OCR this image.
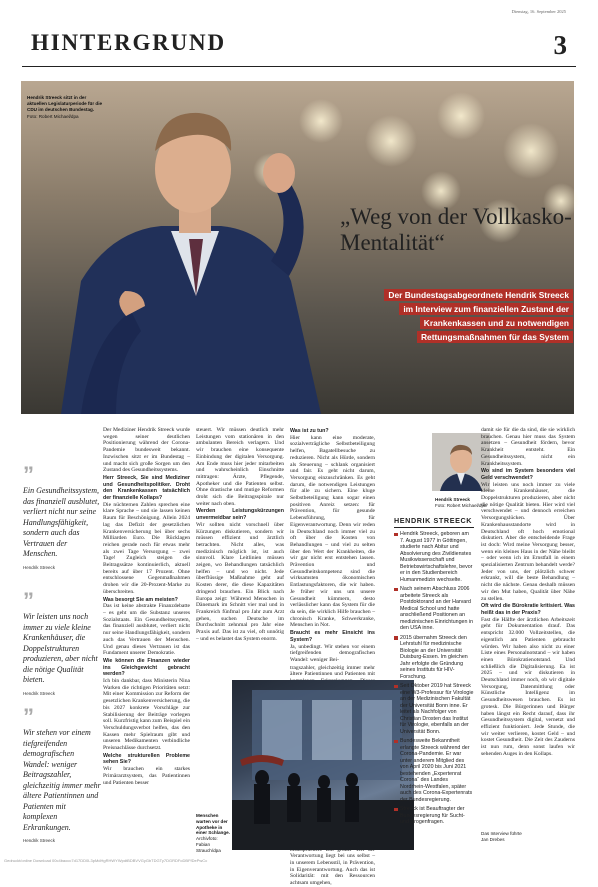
Dienstag, 16. September 2025
HINTERGRUND	3
Hendrik Streeck sitzt in der aktuellen Legislaturperiode für die CDU im deutschen Bundestag.
Foto: Robert Michael/dpa
„Weg von der Vollkasko-Mentalität“
Der Bundestagsabgeordnete Hendrik Streeck im Interview zum finanziellen Zustand der Krankenkassen und zu notwendigen Rettungsmaßnahmen für das System
”
Ein Gesundheitssystem, das finanziell ausblutet, verliert nicht nur seine Handlungsfähigkeit, sondern auch das Vertrauen der Menschen.
Hendrik Streeck
”
Wir leisten uns noch immer zu viele kleine Krankenhäuser, die Doppelstrukturen produzieren, aber nicht die nötige Qualität bieten.
Hendrik Streeck
”
Wir stehen vor einem tiefgreifenden demografischen Wandel: weniger Beitragszahler, gleichzeitig immer mehr ältere Patientinnen und Patienten mit komplexen Erkrankungen.
Hendrik Streeck

Der Mediziner Hendrik Streeck wurde wegen seiner deutlichen Positionierung während der Corona-Pandemie bundesweit bekannt. Inzwischen sitzt er im Bundestag – und macht sich große Sorgen um den Zustand des Gesundheitssystems.

Herr Streeck, Sie sind Mediziner und Gesundheitspolitiker. Droht den Krankenkassen tatsächlich der finanzielle Kollaps?

Die nüchternen Zahlen sprechen eine klare Sprache – und sie lassen keinen Raum für Beschönigung. Allein 2024 lag das Defizit der gesetzlichen Krankenversicherung bei über sechs Milliarden Euro. Die Rücklagen reichen gerade noch für etwas mehr als zwei Tage Versorgung – zwei Tage! Zugleich steigen die Beitragssätze kontinuierlich, aktuell bereits auf über 17 Prozent. Ohne entschlossene Gegenmaßnahmen drohen wir die 20-Prozent-Marke zu überschreiten.

Was besorgt Sie am meisten?

Das ist keine abstrakte Finanzdebatte – es geht um die Substanz unseres Sozialstaats. Ein Gesundheitssystem, das finanziell ausblutet, verliert nicht nur seine Handlungsfähigkeit, sondern auch das Vertrauen der Menschen. Und genau dieses Vertrauen ist das Fundament unserer Demokratie.

Wie können die Finanzen wieder ins Gleichgewicht gebracht werden?

Ich bin dankbar, dass Ministerin Nina Warken die richtigen Prioritäten setzt: Mit einer Kommission zur Reform der gesetzlichen Krankenversicherung, die bis 2027 konkrete Vorschläge zur Stabilisierung der Beiträge vorlegen soll. Kurzfristig kann zum Beispiel ein Verschuldungsverbot helfen, das den Kassen mehr Spielraum gibt und unseren Medikamenten verbindliche Preisnachlässe durchsetzt.

Welche strukturellen Probleme sehen Sie?

Wir brauchen ein starkes Primärarztsystem, das Patientinnen und Patienten besser

steuert. Wir müssen deutlich mehr Leistungen vom stationären in den ambulanten Bereich verlagern. Und wir brauchen eine konsequente Einbindung der digitalen Versorgung. Am Ende muss hier jeder mitarbeiten und wahrscheinlich Einschnitte mittragen: Ärzte, Pflegende, Apotheker und die Patienten selbst. Ohne drastische und mutige Reformen droht sich die Beitragsspirale nur weiter nach oben.

Werden Leistungskürzungen unvermeidbar sein?

Wir sollten nicht vorschnell über Kürzungen diskutieren, sondern wir müssen effizient und ärztlich betrachten. Nicht alles, was medizinisch möglich ist, ist auch sinnvoll. Klare Leitlinien müssen zeigen, wo Behandlungen tatsächlich helfen – und wo nicht. Jede überflüssige Maßnahme geht auf Kosten derer, die diese Kapazitäten dringend brauchen. Ein Blick nach Europa zeigt: Während Menschen in Dänemark im Schnitt vier mal und in Frankreich fünfmal pro Jahr zum Arzt gehen, suchen Deutsche im Durchschnitt zehnmal pro Jahr eine Praxis auf. Das ist zu viel, oft unnötig – und es belastet das System enorm.

Was ist zu tun?

Hier kann eine moderate, sozialverträgliche Selbstbeteiligung helfen, Bagatellbesuche zu reduzieren. Nicht als Hürde, sondern als Steuerung – schlank organisiert und fair. Es geht nicht darum, Versorgung einzuschränken. Es geht darum, die notwendigen Leistungen für alle zu sichern. Eine kluge Selbstbeteiligung kann sogar einen positiven Anreiz setzen: für Prävention, für gesunde Lebensführung, für Eigenverantwortung. Denn wir reden in Deutschland noch immer viel zu oft über die Kosten von Behandlungen – und viel zu selten über den Wert der Krankheiten, die wir gar nicht erst entstehen lassen. Prävention und Gesundheitskompetenz sind die wirksamsten ökonomischen Entlastungsfaktoren, die wir haben. Je früher wir uns um unsere Gesundheit kümmern, desto verlässlicher kann das System für die da sein, die wirklich Hilfe brauchen – chronisch Kranke, Schwerkranke, Menschen in Not.

Braucht es mehr Einsicht ins System?

Ja, unbedingt. Wir stehen vor einem tiefgreifenden demografischen Wandel: weniger Bei-

tragszahler, gleichzeitig immer mehr ältere Patientinnen und Patienten mit

Verantwortung liegt bei uns selbst – in unserem Lebensstil, in Prävention, in Eigenverantwortung. Auch das ist Solidarität: mit den Ressourcen achtsam umgehen,

Menschen warten vor der Apotheke in einer Schlange.
Archivfoto: Fabian Strauch/dpa
Hendrik Streeck
Foto: Robert Michael/dpa
HENDRIK STREECK
Hendrik Streeck, geboren am 7. August 1977 in Göttingen, studierte nach Abitur und Absolvierung des Zivildienstes Musikwissenschaft und Betriebswirtschaftslehre, bevor er in den Studienbereich Humanmedizin wechselte.
Nach seinem Abschluss 2006 arbeitete Streeck als Postdoktorand an der Harvard Medical School und hatte anschließend Positionen an medizinischen Einrichtungen in den USA inne.
2015 übernahm Streeck den Lehrstuhl für medizinische Biologie an der Universität Duisburg-Essen. Im gleichen Jahr erfolgte die Gründung seines Instituts für HIV-Forschung.
Seit Oktober 2019 hat Streeck eine W3-Professur für Virologie an der Medizinischen Fakultät der Universität Bonn inne. Er leitet als Nachfolger von Christian Drosten das Institut für Virologie, ebenfalls an der Universität Bonn.
Bundesweite Bekanntheit erlangte Streeck während der Corona-Pandemie. Er war unter anderem Mitglied des von April 2020 bis Juni 2021 bestehenden „Expertenrat Corona“ des Landes Nordrhein-Westfalen, später auch des Corona-Expertenrats der Bundesregierung.
Streeck ist Beauftragter der Bundesregierung für Sucht- und Drogenfragen.

damit sie für die da sind, die sie wirklich brauchen. Genau hier muss das System ansetzen – Gesundheit fördern, bevor Krankheit entsteht. Ein Gesundheitssystem, nicht ein Krankheitssystem.

Wo sind im System besonders viel Geld verschwendet?

Wir leisten uns noch immer zu viele kleine Krankenhäuser, die Doppelstrukturen produzieren, aber nicht die nötige Qualität bieten. Hier wird viel verschwendet – und dennoch erreichen Versorgungslücken. Über Krankenhausstandorte wird in Deutschland oft hoch emotional diskutiert. Aber die entscheidende Frage ist doch: Wird meine Versorgung besser, wenn ein kleines Haus in der Nähe bleibt – oder wenn ich im Ernstfall in einem spezialisierten Zentrum behandelt werde? Jeder von uns, der plötzlich schwer erkrankt, will die beste Behandlung – nicht die nächste. Genau deshalb müssen wir den Mut haben, Qualität über Nähe zu stellen.

Oft wird die Bürokratie kritisiert. Was heißt das in der Praxis?

Fast die Hälfte der ärztlichen Arbeitszeit geht für Dokumentation drauf. Das entspricht 32.000 Vollzeitstellen, die eigentlich am Patienten gebraucht würden. Wir haben also nicht zu einer Liste eines Personalnotstand – wir haben einen Bürokratienotstand. Und schließlich die Digitalisierung. Ea ist 2025 – und wir diskutieren in Deutschland immer noch, ob wir digitale Versorgung, Datenmittlung oder Künstliche Intelligenz im Gesundheitswesen brauchen. Es ist grotesk. Die Bürgerinnen und Bürger haben längst ein Recht darauf, dass ihr Gesundheitssystem digital, vernetzt und effizient funktioniert. Jede Stunde, die wir weiter verlieren, kostet Geld – und kostet Gesundheit. Die Zeit des Zauderns ist nun rum, denn sonst laufen wir sehenden Auges in den Kollaps.

Das Interview führte
Jan Drebes
Gedruckt/online Download 00c4baocc7d17DD0L3pMdHgRHWYWpdtBDBVVGyGbTDGTy7DGRDFoDBFfDePwCc
